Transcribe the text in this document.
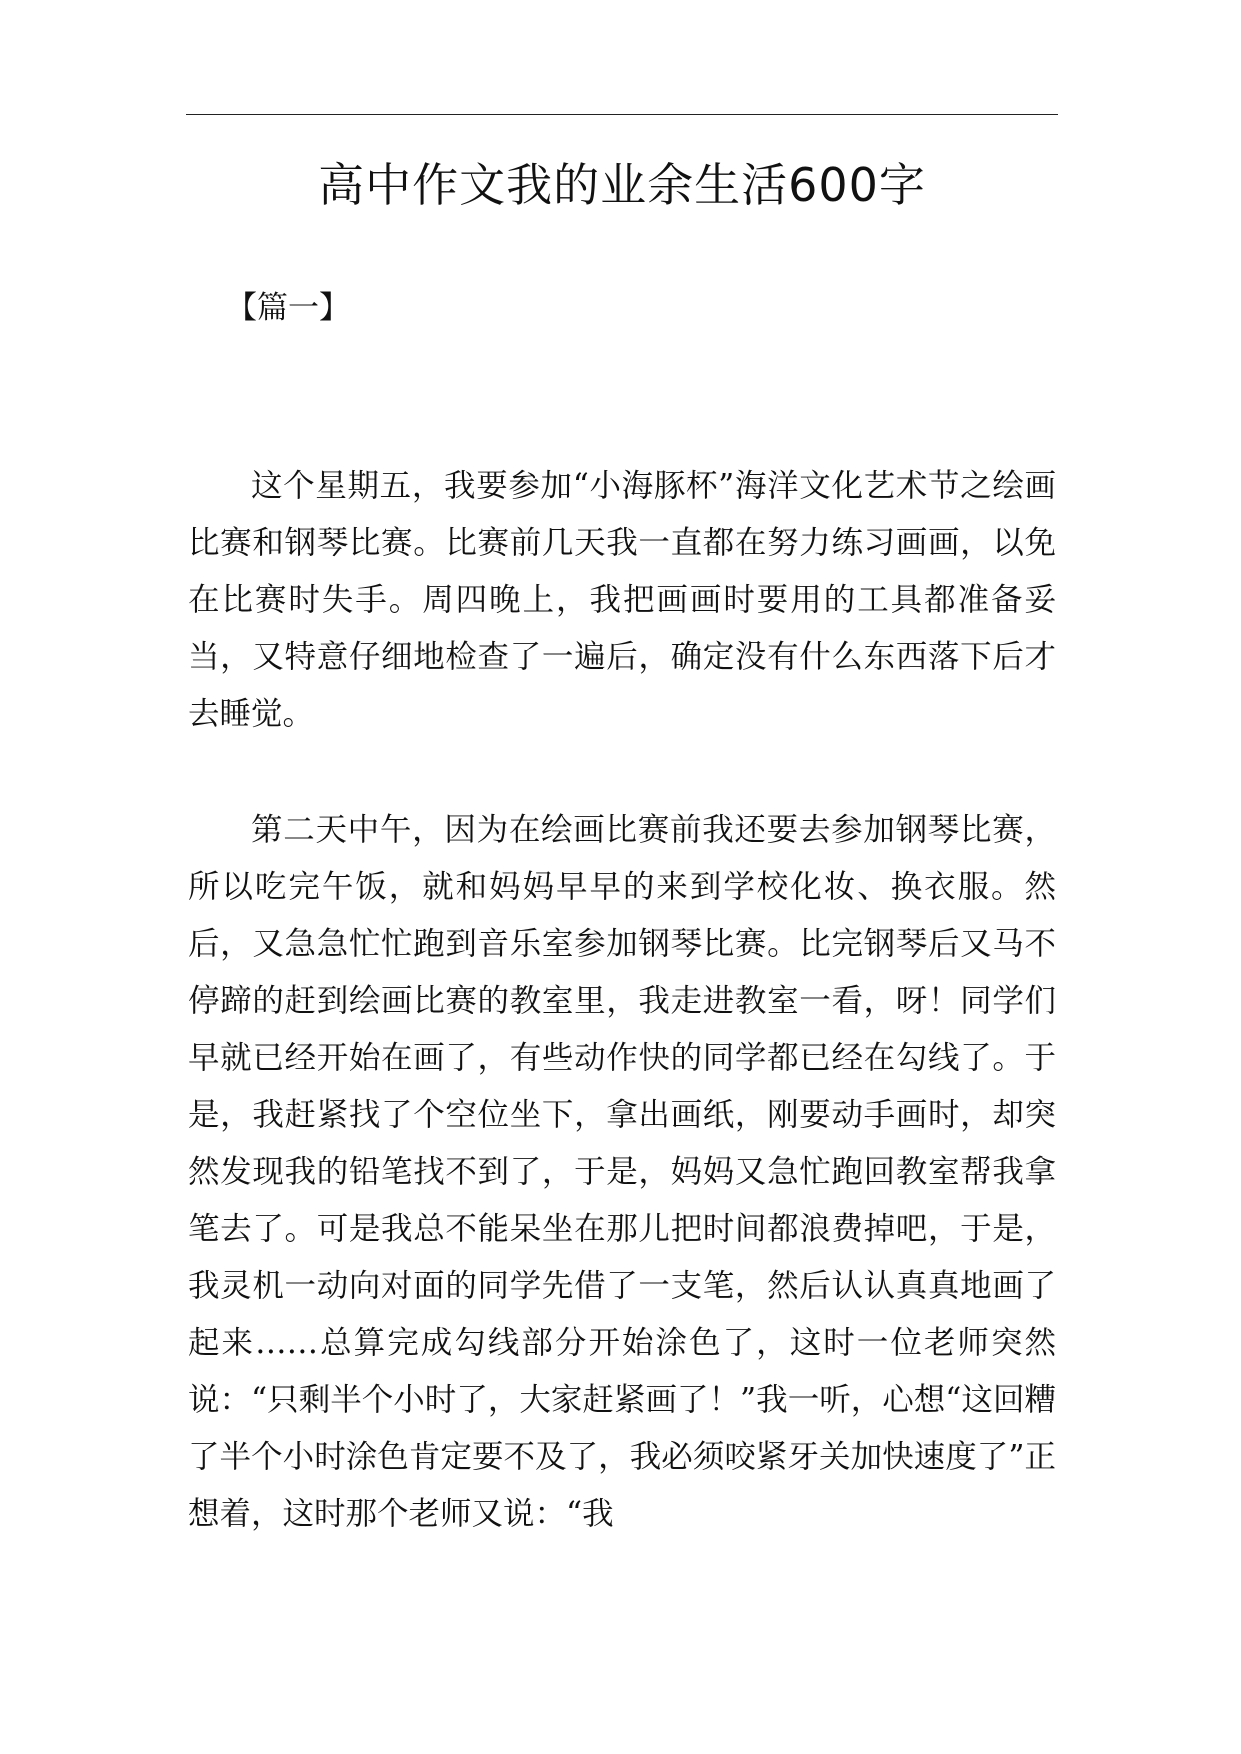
高中作文我的业余生活600字

【篇一】

这个星期五，我要参加“小海豚杯”海洋文化艺术节之绘画比赛和钢琴比赛。比赛前几天我一直都在努力练习画画，以免在比赛时失手。周四晚上，我把画画时要用的工具都准备妥当，又特意仔细地检查了一遍后，确定没有什么东西落下后才去睡觉。

第二天中午，因为在绘画比赛前我还要去参加钢琴比赛，所以吃完午饭，就和妈妈早早的来到学校化妆、换衣服。然后，又急急忙忙跑到音乐室参加钢琴比赛。比完钢琴后又马不停蹄的赶到绘画比赛的教室里，我走进教室一看，呀！同学们早就已经开始在画了，有些动作快的同学都已经在勾线了。于是，我赶紧找了个空位坐下，拿出画纸，刚要动手画时，却突然发现我的铅笔找不到了，于是，妈妈又急忙跑回教室帮我拿笔去了。可是我总不能呆坐在那儿把时间都浪费掉吧，于是，我灵机一动向对面的同学先借了一支笔，然后认认真真地画了起来……总算完成勾线部分开始涂色了，这时一位老师突然说：“只剩半个小时了，大家赶紧画了！”我一听，心想“这回糟了半个小时涂色肯定要不及了，我必须咬紧牙关加快速度了”正想着，这时那个老师又说：“我
